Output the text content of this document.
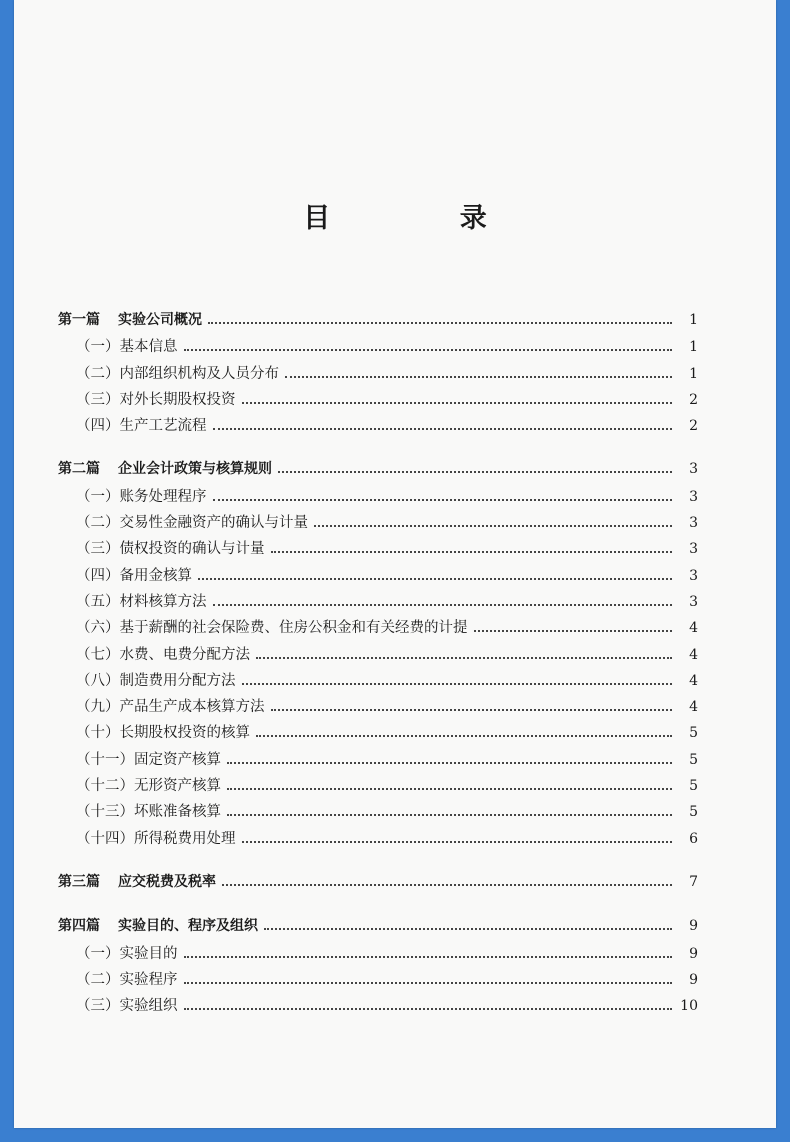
目 录
第一篇 实验公司概况	1
（一）基本信息	1
（二）内部组织机构及人员分布	1
（三）对外长期股权投资	2
（四）生产工艺流程	2
第二篇 企业会计政策与核算规则	3
（一）账务处理程序	3
（二）交易性金融资产的确认与计量	3
（三）债权投资的确认与计量	3
（四）备用金核算	3
（五）材料核算方法	3
（六）基于薪酬的社会保险费、住房公积金和有关经费的计提	4
（七）水费、电费分配方法	4
（八）制造费用分配方法	4
（九）产品生产成本核算方法	4
（十）长期股权投资的核算	5
（十一）固定资产核算	5
（十二）无形资产核算	5
（十三）坏账准备核算	5
（十四）所得税费用处理	6
第三篇 应交税费及税率	7
第四篇 实验目的、程序及组织	9
（一）实验目的	9
（二）实验程序	9
（三）实验组织	10
